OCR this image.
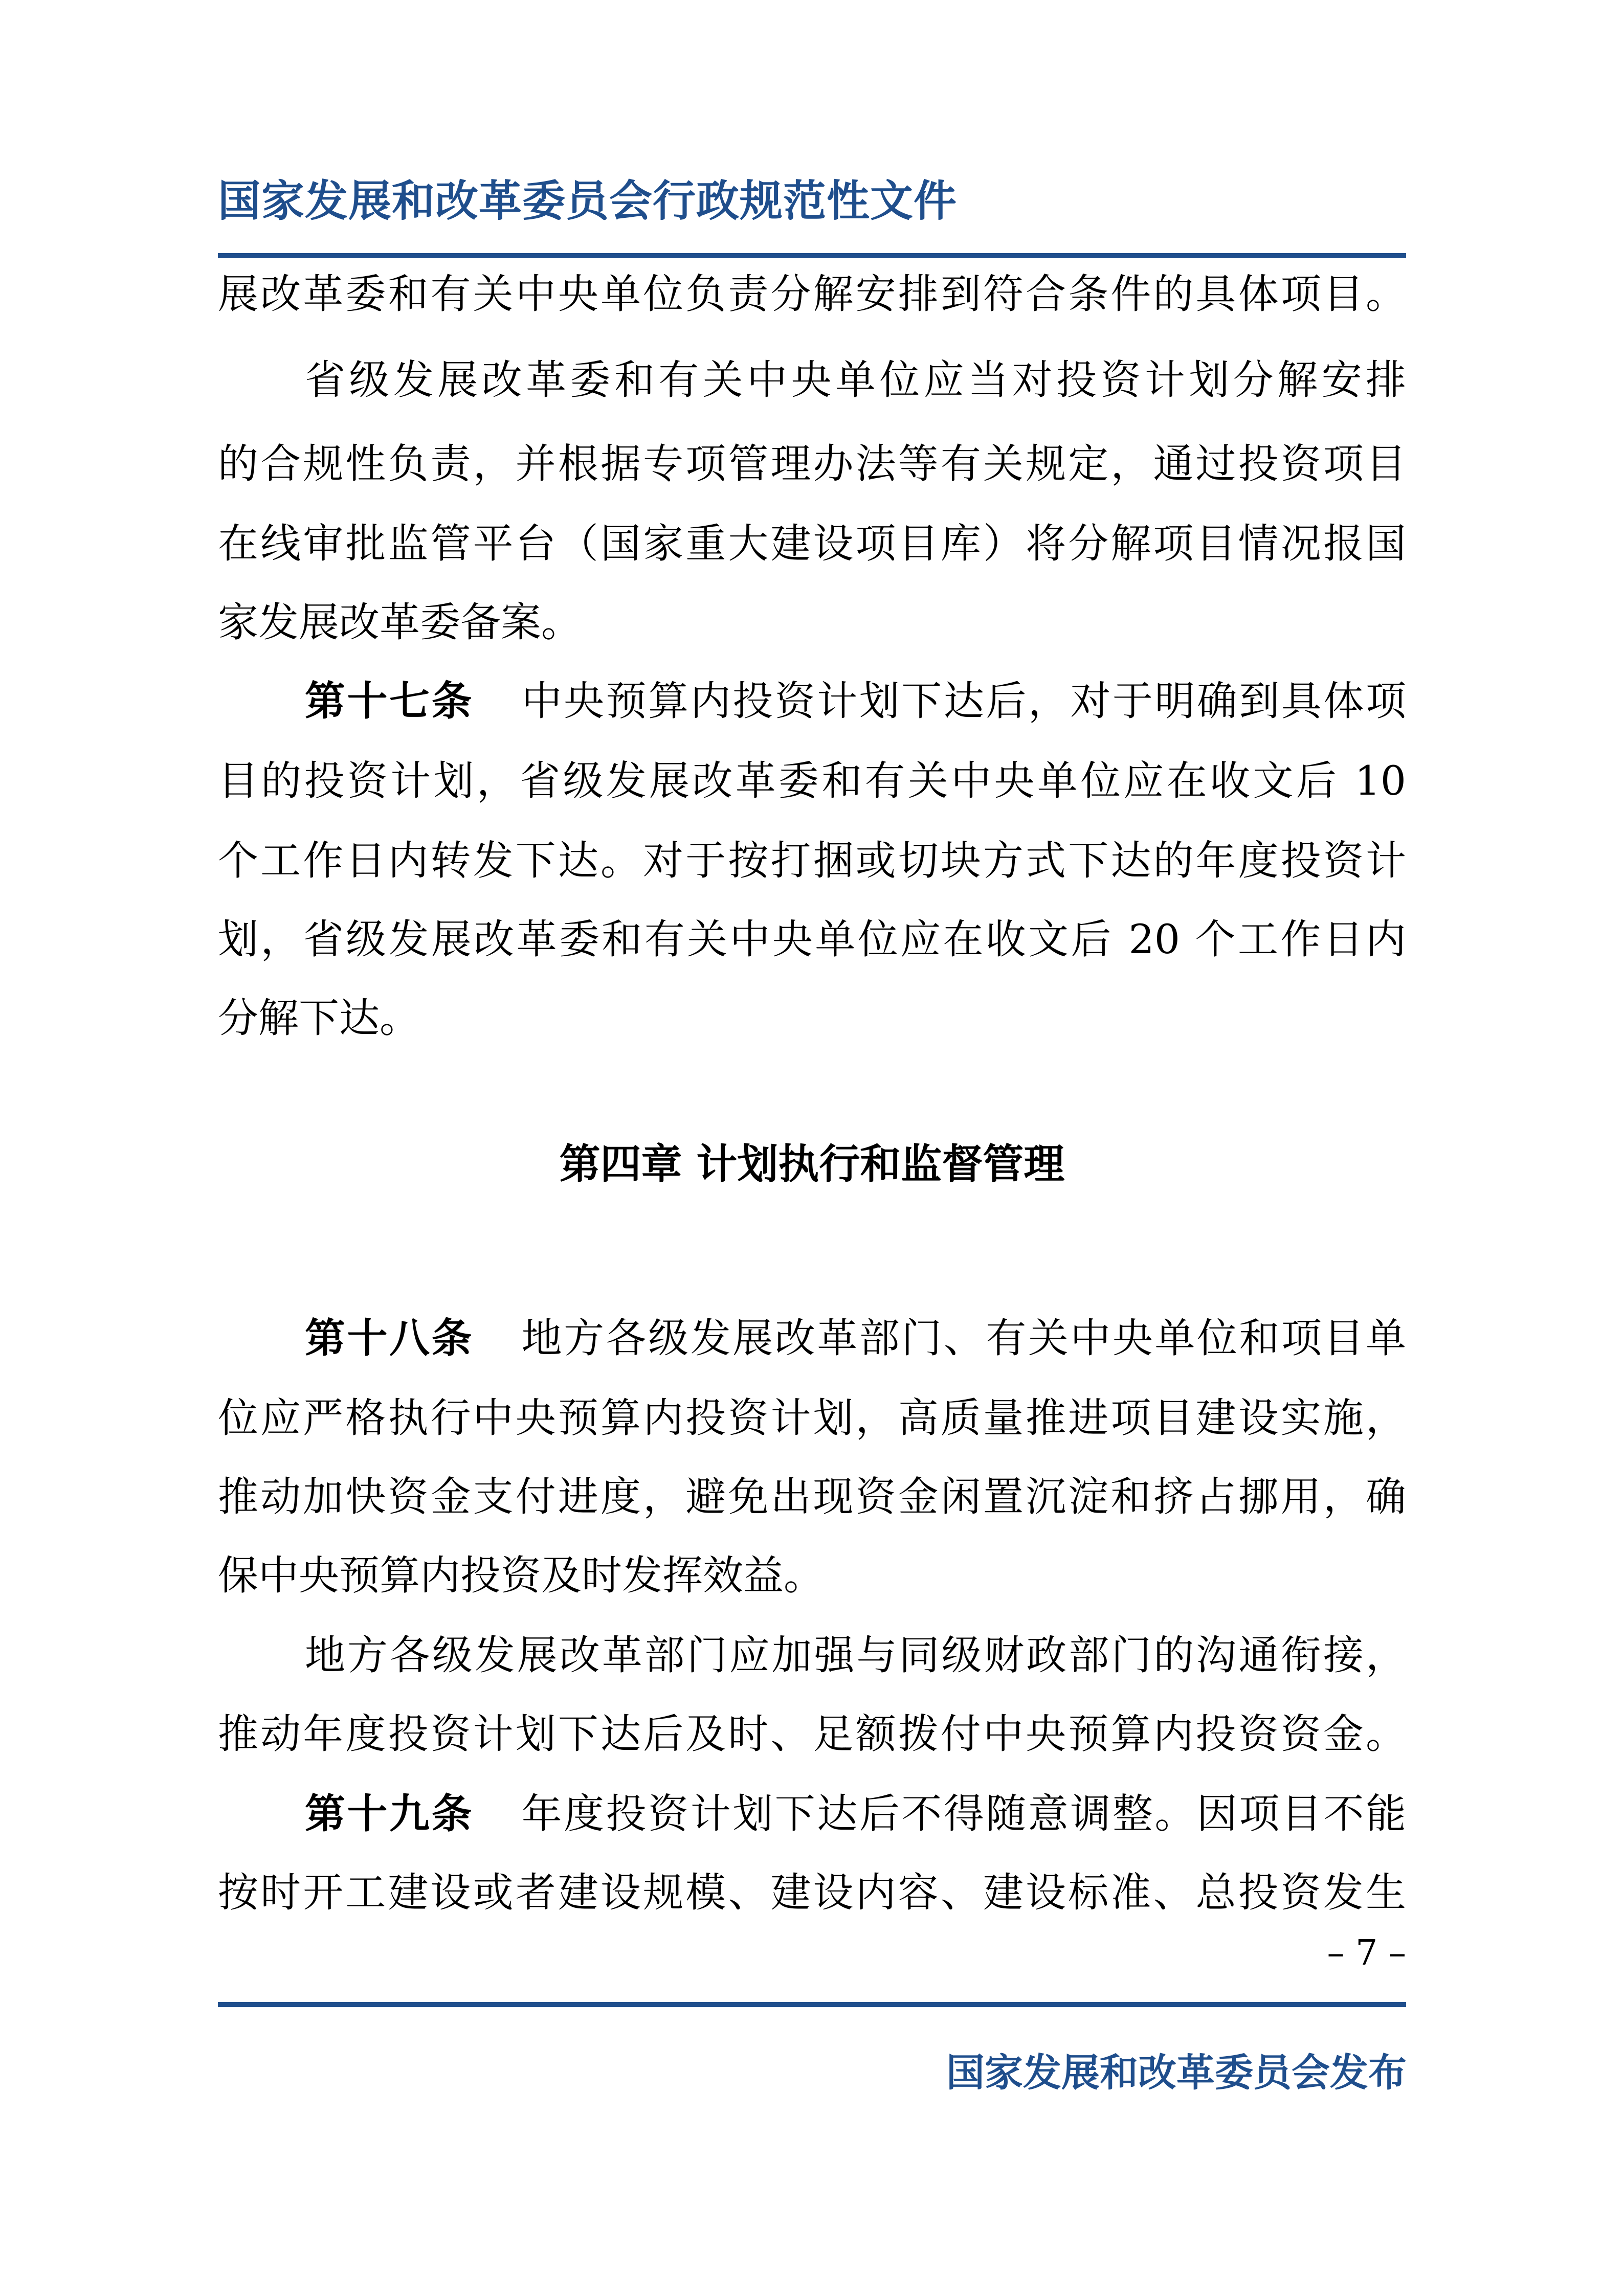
国家发展和改革委员会行政规范性文件

展改革委和有关中央单位负责分解安排到符合条件的具体项目。

省级发展改革委和有关中央单位应当对投资计划分解安排

的合规性负责，并根据专项管理办法等有关规定，通过投资项目

在线审批监管平台（国家重大建设项目库）将分解项目情况报国

家发展改革委备案。

第十七条 中央预算内投资计划下达后，对于明确到具体项

目的投资计划，省级发展改革委和有关中央单位应在收文后 10

个工作日内转发下达。对于按打捆或切块方式下达的年度投资计

划，省级发展改革委和有关中央单位应在收文后 20 个工作日内

分解下达。

第四章 计划执行和监督管理

第十八条 地方各级发展改革部门、有关中央单位和项目单

位应严格执行中央预算内投资计划，高质量推进项目建设实施，

推动加快资金支付进度，避免出现资金闲置沉淀和挤占挪用，确

保中央预算内投资及时发挥效益。

地方各级发展改革部门应加强与同级财政部门的沟通衔接，

推动年度投资计划下达后及时、足额拨付中央预算内投资资金。

第十九条 年度投资计划下达后不得随意调整。因项目不能

按时开工建设或者建设规模、建设内容、建设标准、总投资发生

– 7 –
国家发展和改革委员会发布
